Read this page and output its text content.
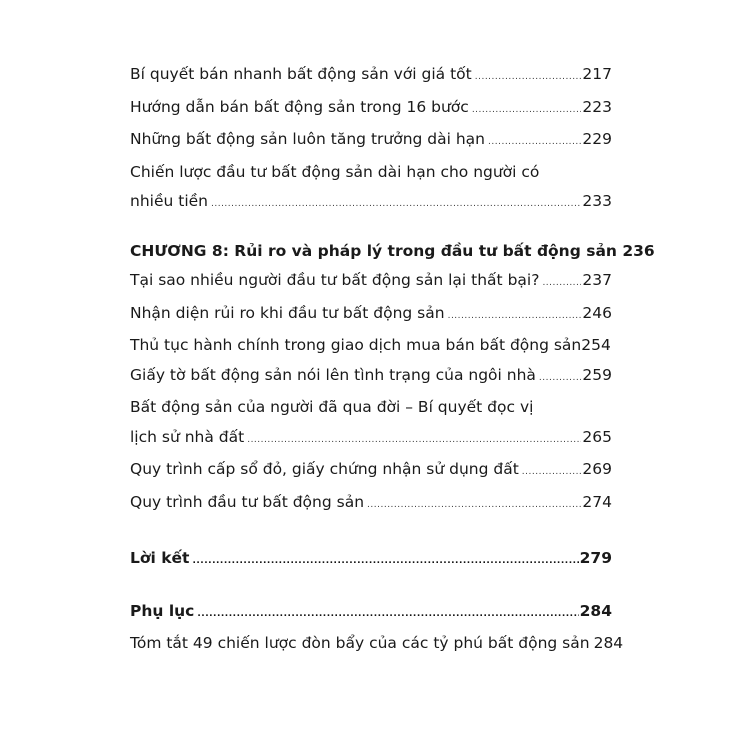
Bí quyết bán nhanh bất động sản với giá tốt .....	217
Hướng dẫn bán bất động sản trong 16 bước .....	223
Những bất động sản luôn tăng trưởng dài hạn .....	229
Chiến lược đầu tư bất động sản dài hạn cho người có
nhiều tiền .....	233
CHƯƠNG 8: Rủi ro và pháp lý trong đầu tư bất động sản 236
Tại sao nhiều người đầu tư bất động sản lại thất bại? .....	237
Nhận diện rủi ro khi đầu tư bất động sản .....	246
Thủ tục hành chính trong giao dịch mua bán bất động sản 254
Giấy tờ bất động sản nói lên tình trạng của ngôi nhà .....	259
Bất động sản của người đã qua đời – Bí quyết đọc vị
lịch sử nhà đất .....	265
Quy trình cấp sổ đỏ, giấy chứng nhận sử dụng đất .....	269
Quy trình đầu tư bất động sản .....	274
Lời kết .....	279
Phụ lục .....	284
Tóm tắt 49 chiến lược đòn bẩy của các tỷ phú bất động sản 284
